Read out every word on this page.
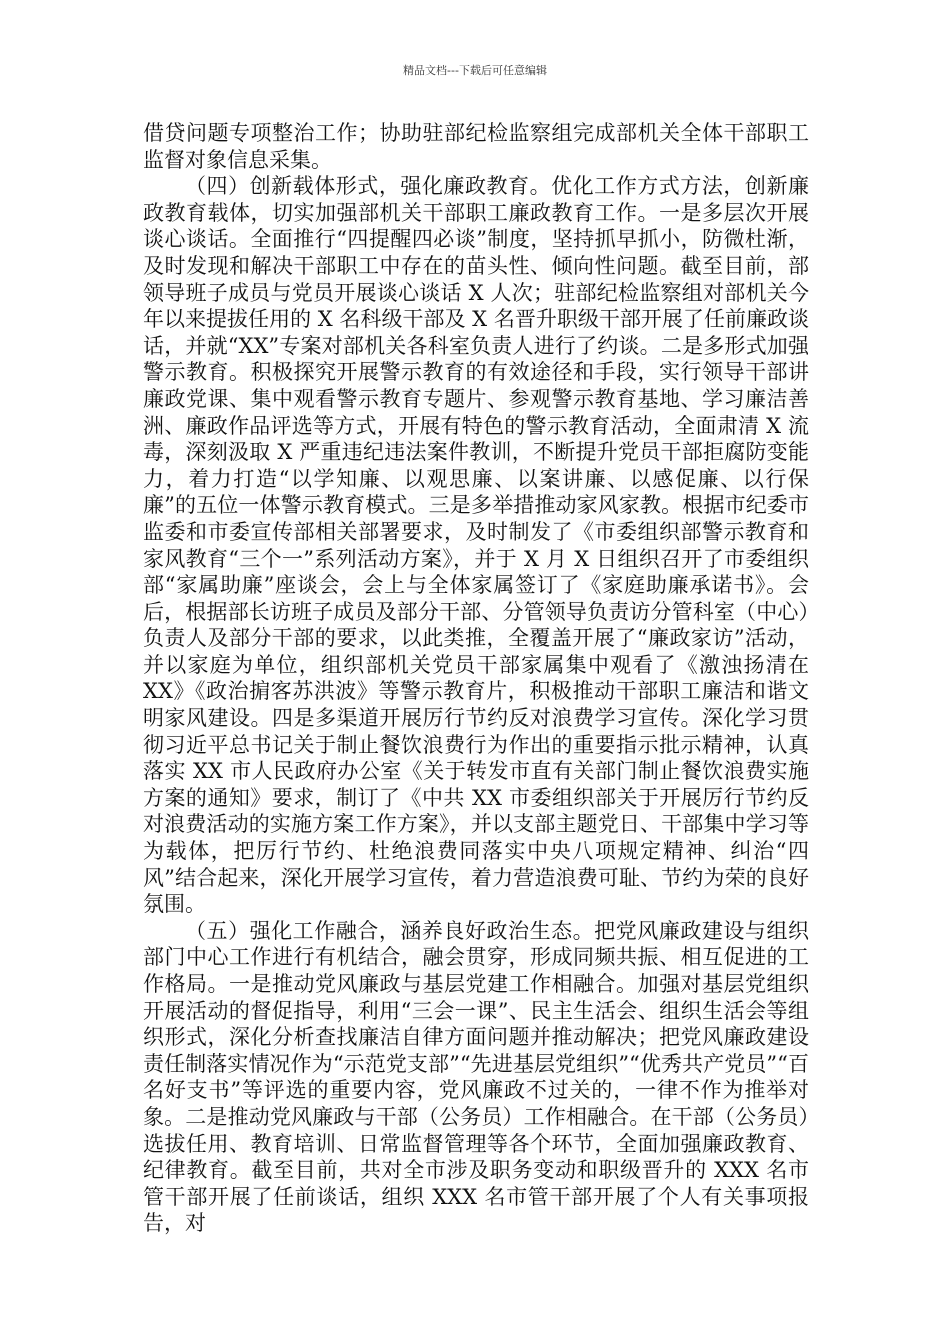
精品文档---下载后可任意编辑

借贷问题专项整治工作；协助驻部纪检监察组完成部机关全体干部职工监督对象信息采集。

（四）创新载体形式，强化廉政教育。优化工作方式方法，创新廉政教育载体，切实加强部机关干部职工廉政教育工作。一是多层次开展谈心谈话。全面推行“四提醒四必谈”制度，坚持抓早抓小，防微杜渐，及时发现和解决干部职工中存在的苗头性、倾向性问题。截至目前，部领导班子成员与党员开展谈心谈话 X 人次；驻部纪检监察组对部机关今年以来提拔任用的 X 名科级干部及 X 名晋升职级干部开展了任前廉政谈话，并就“XX”专案对部机关各科室负责人进行了约谈。二是多形式加强警示教育。积极探究开展警示教育的有效途径和手段，实行领导干部讲廉政党课、集中观看警示教育专题片、参观警示教育基地、学习廉洁善洲、廉政作品评选等方式，开展有特色的警示教育活动，全面肃清 X 流毒，深刻汲取 X 严重违纪违法案件教训，不断提升党员干部拒腐防变能力，着力打造“以学知廉、以观思廉、以案讲廉、以感促廉、以行保廉”的五位一体警示教育模式。三是多举措推动家风家教。根据市纪委市监委和市委宣传部相关部署要求，及时制发了《市委组织部警示教育和家风教育“三个一”系列活动方案》，并于 X 月 X 日组织召开了市委组织部“家属助廉”座谈会，会上与全体家属签订了《家庭助廉承诺书》。会后，根据部长访班子成员及部分干部、分管领导负责访分管科室（中心）负责人及部分干部的要求，以此类推，全覆盖开展了“廉政家访”活动，并以家庭为单位，组织部机关党员干部家属集中观看了《激浊扬清在 XX》《政治掮客苏洪波》等警示教育片，积极推动干部职工廉洁和谐文明家风建设。四是多渠道开展厉行节约反对浪费学习宣传。深化学习贯彻习近平总书记关于制止餐饮浪费行为作出的重要指示批示精神，认真落实 XX 市人民政府办公室《关于转发市直有关部门制止餐饮浪费实施方案的通知》要求，制订了《中共 XX 市委组织部关于开展厉行节约反对浪费活动的实施方案工作方案》，并以支部主题党日、干部集中学习等为载体，把厉行节约、杜绝浪费同落实中央八项规定精神、纠治“四风”结合起来，深化开展学习宣传，着力营造浪费可耻、节约为荣的良好氛围。

（五）强化工作融合，涵养良好政治生态。把党风廉政建设与组织部门中心工作进行有机结合，融会贯穿，形成同频共振、相互促进的工作格局。一是推动党风廉政与基层党建工作相融合。加强对基层党组织开展活动的督促指导，利用“三会一课”、民主生活会、组织生活会等组织形式，深化分析查找廉洁自律方面问题并推动解决；把党风廉政建设责任制落实情况作为“示范党支部”“先进基层党组织”“优秀共产党员”“百名好支书”等评选的重要内容，党风廉政不过关的，一律不作为推举对象。二是推动党风廉政与干部（公务员）工作相融合。在干部（公务员）选拔任用、教育培训、日常监督管理等各个环节，全面加强廉政教育、纪律教育。截至目前，共对全市涉及职务变动和职级晋升的 XXX 名市管干部开展了任前谈话，组织 XXX 名市管干部开展了个人有关事项报告，对
